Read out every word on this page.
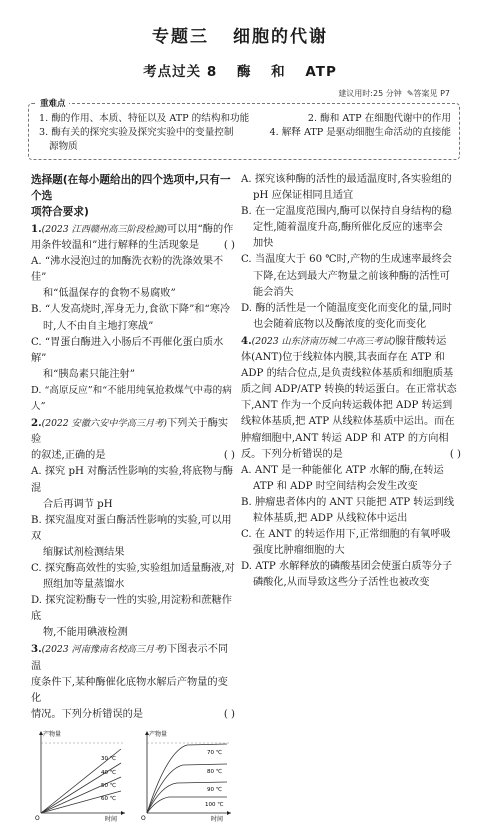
专题三 细胞的代谢
考点过关 8 酶 和 ATP
建议用时:25 分钟 ✎答案见 P7
重难点
1. 酶的作用、本质、特征以及 ATP 的结构和功能	2. 酶和 ATP 在细胞代谢中的作用
3. 酶有关的探究实验及探究实验中的变量控制	4. 解释 ATP 是驱动细胞生命活动的直接能
源物质
选择题(在每小题给出的四个选项中,只有一个选
项符合要求)
1.(2023 江西赣州高三阶段检测)可以用“酶的作
用条件较温和”进行解释的生活现象是 ( )
A. “沸水浸泡过的加酶洗衣粉的洗涤效果不佳”
和“低温保存的食物不易腐败”
B. “人发高烧时,浑身无力,食欲下降”和“寒冷
时,人不由自主地打寒战”
C. “胃蛋白酶进入小肠后不再催化蛋白质水解”
和“胰岛素只能注射”
D. “高原反应”和“不能用纯氧抢救煤气中毒的病人”
2.(2022 安徽六安中学高三月考)下列关于酶实验
的叙述,正确的是	( )
A. 探究 pH 对酶活性影响的实验,将底物与酶混
合后再调节 pH
B. 探究温度对蛋白酶活性影响的实验,可以用双
缩脲试剂检测结果
C. 探究酶高效性的实验,实验组加适量酶液,对
照组加等量蒸馏水
D. 探究淀粉酶专一性的实验,用淀粉和蔗糖作底
物,不能用碘液检测
3.(2023 河南豫南名校高三月考)下图表示不同温
度条件下,某种酶催化底物水解后产物量的变化
情况。下列分析错误的是	( )
产物量
时间
O
30 ℃
40 ℃
50 ℃
60 ℃
产物量
时间
O
70 ℃
80 ℃
90 ℃
100 ℃
A. 探究该种酶的活性的最适温度时,各实验组的
pH 应保证相同且适宜
B. 在一定温度范围内,酶可以保持自身结构的稳
定性,随着温度升高,酶所催化反应的速率会
加快
C. 当温度大于 60 ℃时,产物的生成速率最终会
下降,在达到最大产物量之前该种酶的活性可
能会消失
D. 酶的活性是一个随温度变化而变化的量,同时
也会随着底物以及酶浓度的变化而变化
4.(2023 山东济南历城二中高三考试)腺苷酸转运
体(ANT)位于线粒体内膜,其表面存在 ATP 和
ADP 的结合位点,是负责线粒体基质和细胞质基
质之间 ADP/ATP 转换的转运蛋白。在正常状态
下,ANT 作为一个反向转运载体把 ADP 转运到
线粒体基质,把 ATP 从线粒体基质中运出。而在
肿瘤细胞中,ANT 转运 ADP 和 ATP 的方向相
反。下列分析错误的是	( )
A. ANT 是一种能催化 ATP 水解的酶,在转运
ATP 和 ADP 时空间结构会发生改变
B. 肿瘤患者体内的 ANT 只能把 ATP 转运到线
粒体基质,把 ADP 从线粒体中运出
C. 在 ANT 的转运作用下,正常细胞的有氧呼吸
强度比肿瘤细胞的大
D. ATP 水解释放的磷酸基团会使蛋白质等分子
磷酸化,从而导致这些分子活性也被改变
